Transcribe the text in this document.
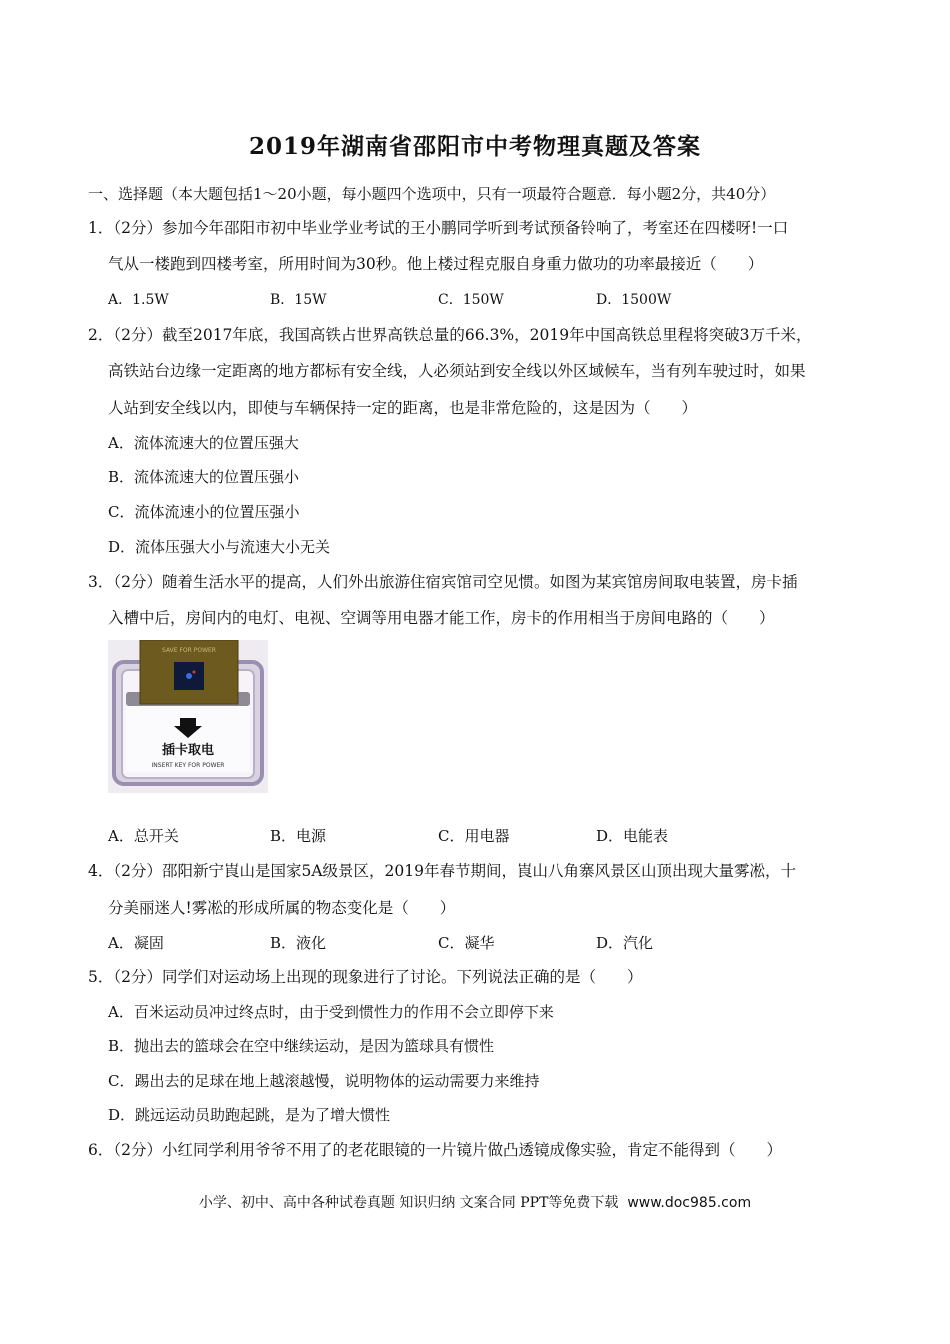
2019年湖南省邵阳市中考物理真题及答案
一、选择题（本大题包括1～20小题，每小题四个选项中，只有一项最符合题意．每小题2分，共40分）
1．（2分）参加今年邵阳市初中毕业学业考试的王小鹏同学听到考试预备铃响了，考室还在四楼呀!一口
气从一楼跑到四楼考室，所用时间为30秒。他上楼过程克服自身重力做功的功率最接近（　　）
A．1.5W	B．15W	C．150W	D．1500W
2．（2分）截至2017年底，我国高铁占世界高铁总量的66.3%，2019年中国高铁总里程将突破3万千米，
高铁站台边缘一定距离的地方都标有安全线，人必须站到安全线以外区域候车，当有列车驶过时，如果
人站到安全线以内，即使与车辆保持一定的距离，也是非常危险的，这是因为（　　）
A．流体流速大的位置压强大
B．流体流速大的位置压强小
C．流体流速小的位置压强小
D．流体压强大小与流速大小无关
3．（2分）随着生活水平的提高，人们外出旅游住宿宾馆司空见惯。如图为某宾馆房间取电装置，房卡插
入槽中后，房间内的电灯、电视、空调等用电器才能工作，房卡的作用相当于房间电路的（　　）
SAVE FOR POWER
插卡取电
INSERT KEY FOR POWER
A．总开关	B．电源	C．用电器	D．电能表
4．（2分）邵阳新宁崀山是国家5A级景区，2019年春节期间，崀山八角寨风景区山顶出现大量雾凇，十
分美丽迷人!雾凇的形成所属的物态变化是（　　）
A．凝固	B．液化	C．凝华	D．汽化
5．（2分）同学们对运动场上出现的现象进行了讨论。下列说法正确的是（　　）
A．百米运动员冲过终点时，由于受到惯性力的作用不会立即停下来
B．抛出去的篮球会在空中继续运动，是因为篮球具有惯性
C．踢出去的足球在地上越滚越慢，说明物体的运动需要力来维持
D．跳远运动员助跑起跳，是为了增大惯性
6．（2分）小红同学利用爷爷不用了的老花眼镜的一片镜片做凸透镜成像实验，肯定不能得到（　　）
小学、初中、高中各种试卷真题 知识归纳 文案合同 PPT等免费下载 www.doc985.com
